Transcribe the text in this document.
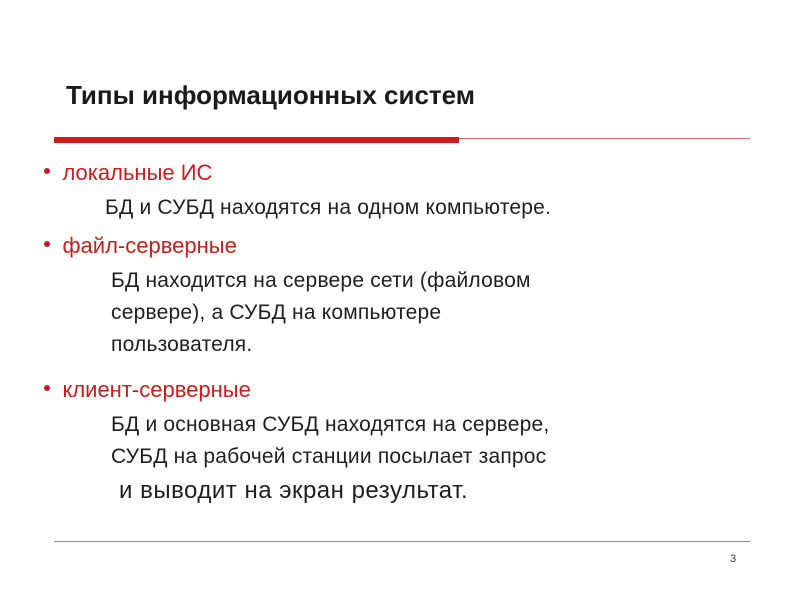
Типы информационных систем
локальные ИС
БД и СУБД находятся на одном компьютере.
файл-серверные
БД находится на сервере сети (файловом
сервере), а СУБД на компьютере
пользователя.
клиент-серверные
БД и основная СУБД находятся на сервере,
СУБД на рабочей станции посылает запрос
и выводит на экран результат.
3
